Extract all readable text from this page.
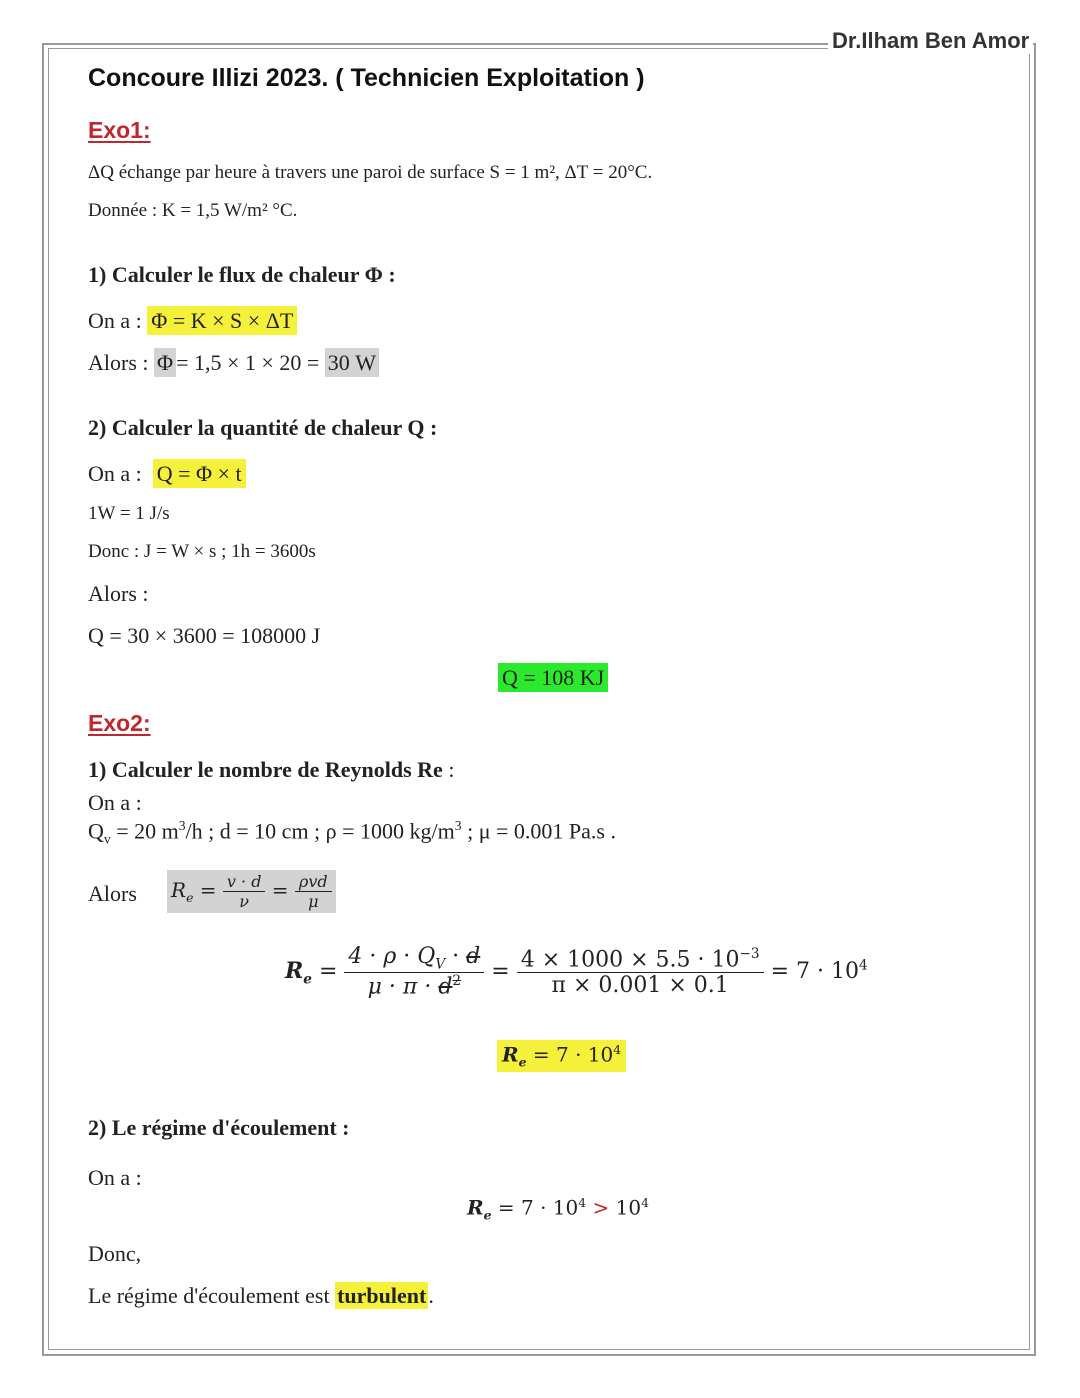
Dr.Ilham Ben Amor
Concoure Illizi 2023. ( Technicien Exploitation )
Exo1:
ΔQ échange par heure à travers une paroi de surface S = 1 m², ΔT = 20°C.
Donnée : K = 1,5 W/m² °C.
1) Calculer le flux de chaleur Φ :
On a : Φ = K × S × ΔT
Alors : Φ = 1,5 × 1 × 20 = 30 W
2) Calculer la quantité de chaleur Q :
On a : Q = Φ × t
1W = 1 J/s
Donc : J = W × s ; 1h = 3600s
Alors :
Q = 30 × 3600 = 108000 J
Q = 108 KJ
Exo2:
1) Calculer le nombre de Reynolds Re :
On a :
$Q_v = 20$ $m^3/h$ ; d = 10 cm ; ρ = 1000 $kg/m^3$ ; μ = 0.001 Pa.s .
Alors $R_e = \frac{v \cdot d}{\nu} = \frac{\text{ρvd}}{\mu}$
$R_e = \frac{4 \cdot \rho \cdot Q_V \cdot d}{\mu \cdot \pi \cdot d^2} = \frac{4 \times 1000 \times 5.5 \cdot 10^{-3}}{\pi \times 0.001 \times 0.1} = 7 \cdot 10^4$
$R_e = 7 \cdot 10^4$
2) Le régime d'écoulement :
On a :
$R_e = 7 \cdot 10^4 > 10^4$
Donc,
Le régime d'écoulement est turbulent.
